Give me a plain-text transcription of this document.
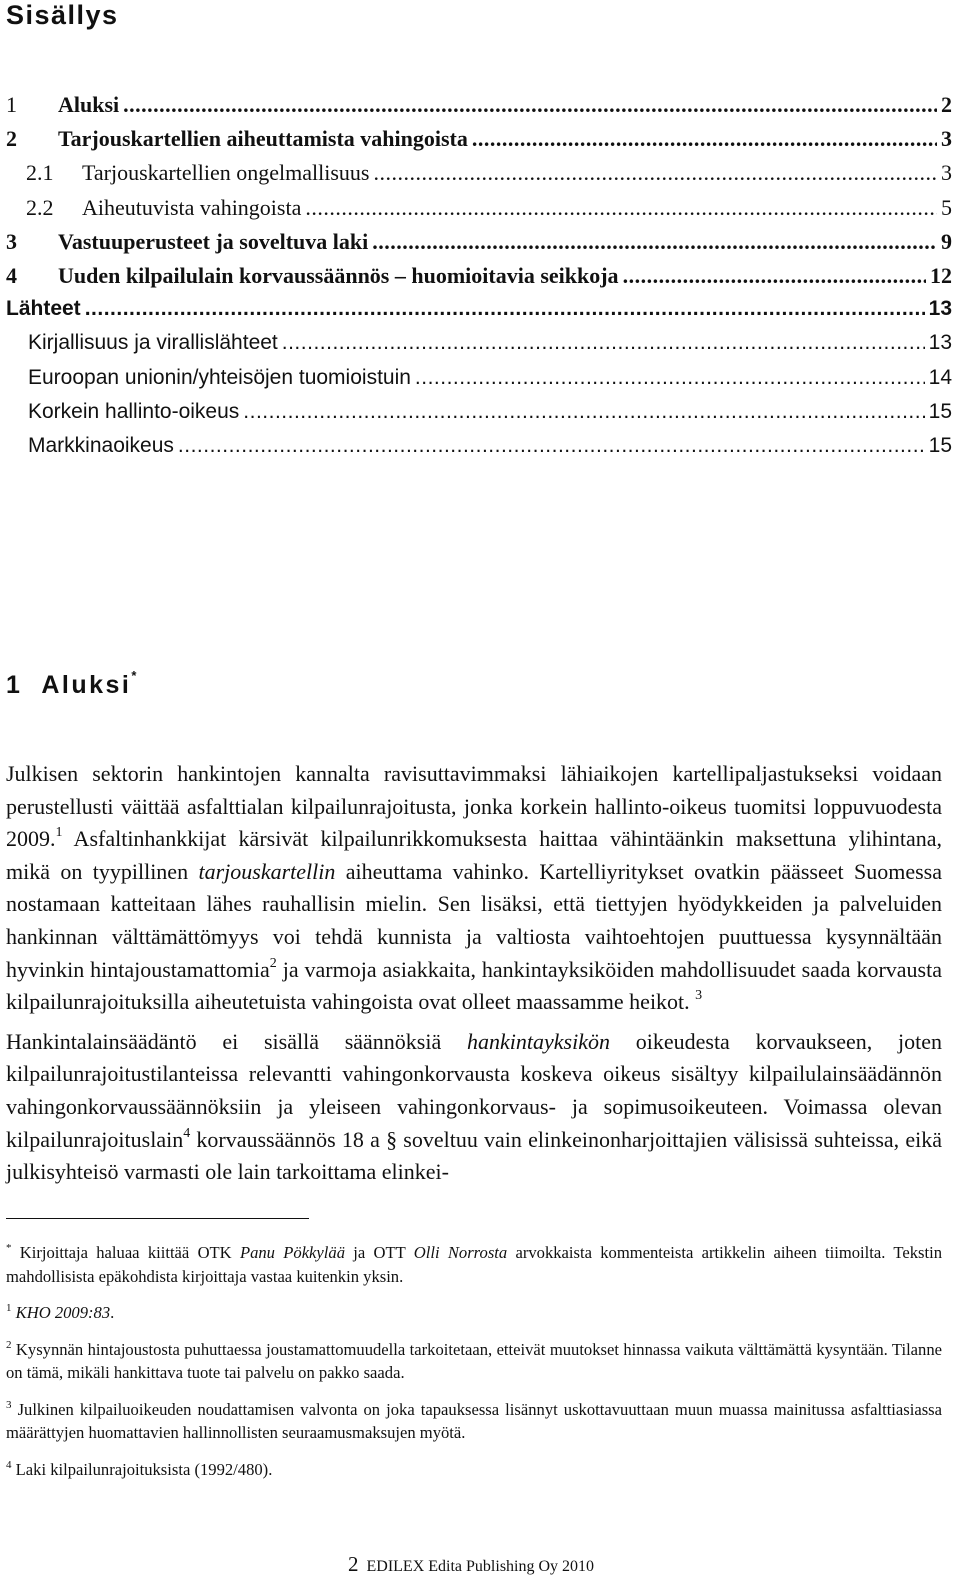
Sisällys
1	Aluksi .....	2
2	Tarjouskartellien aiheuttamista vahingoista .....	3
2.1	Tarjouskartellien ongelmallisuus .....	3
2.2	Aiheutuvista vahingoista .....	5
3	Vastuuperusteet ja soveltuva laki .....	9
4	Uuden kilpailulain korvaussäännös – huomioitavia seikkoja .....	12
Lähteet .....	13
Kirjallisuus ja virallislähteet .....	13
Euroopan unionin/yhteisöjen tuomioistuin .....	14
Korkein hallinto-oikeus .....	15
Markkinaoikeus .....	15
1 Aluksi*

Julkisen sektorin hankintojen kannalta ravisuttavimmaksi lähiaikojen kartellipaljastukseksi voidaan perustellusti väittää asfalttialan kilpailunrajoitusta, jonka korkein hallinto-oikeus tuomitsi loppuvuodesta 2009.$^1$ Asfaltinhankkijat kärsivät kilpailunrikkomuksesta haittaa vähintäänkin maksettuna ylihintana, mikä on tyypillinen tarjouskartellin aiheuttama vahinko. Kartelliyritykset ovatkin päässeet Suomessa nostamaan katteitaan lähes rauhallisin mielin. Sen lisäksi, että tiettyjen hyödykkeiden ja palveluiden hankinnan välttämättömyys voi tehdä kunnista ja valtiosta vaihtoehtojen puuttuessa kysynnältään hyvinkin hintajoustamattomia$^2$ ja varmoja asiakkaita, hankintayksiköiden mahdollisuudet saada korvausta kilpailunrajoituksilla aiheutetuista vahingoista ovat olleet maassamme heikot. $^3$

Hankintalainsäädäntö ei sisällä säännöksiä hankintayksikön oikeudesta korvaukseen, joten kilpailunrajoitustilanteissa relevantti vahingonkorvausta koskeva oikeus sisältyy kilpailulainsäädännön vahingonkorvaussäännöksiin ja yleiseen vahingonkorvaus- ja sopimusoikeuteen. Voimassa olevan kilpailunrajoituslain$^4$ korvaussäännös 18 a § soveltuu vain elinkeinonharjoittajien välisissä suhteissa, eikä julkisyhteisö varmasti ole lain tarkoittama elinkei-

* Kirjoittaja haluaa kiittää OTK Panu Pökkylää ja OTT Olli Norrosta arvokkaista kommenteista artikkelin aiheen tiimoilta. Tekstin mahdollisista epäkohdista kirjoittaja vastaa kuitenkin yksin.

$^1$ KHO 2009:83.

$^2$ Kysynnän hintajoustosta puhuttaessa joustamattomuudella tarkoitetaan, etteivät muutokset hinnassa vaikuta välttämättä kysyntään. Tilanne on tämä, mikäli hankittava tuote tai palvelu on pakko saada.

$^3$ Julkinen kilpailuoikeuden noudattamisen valvonta on joka tapauksessa lisännyt uskottavuuttaan muun muassa mainitussa asfalttiasiassa määrättyjen huomattavien hallinnollisten seuraamusmaksujen myötä.

$^4$ Laki kilpailunrajoituksista (1992/480).

2 EDILEX Edita Publishing Oy 2010
